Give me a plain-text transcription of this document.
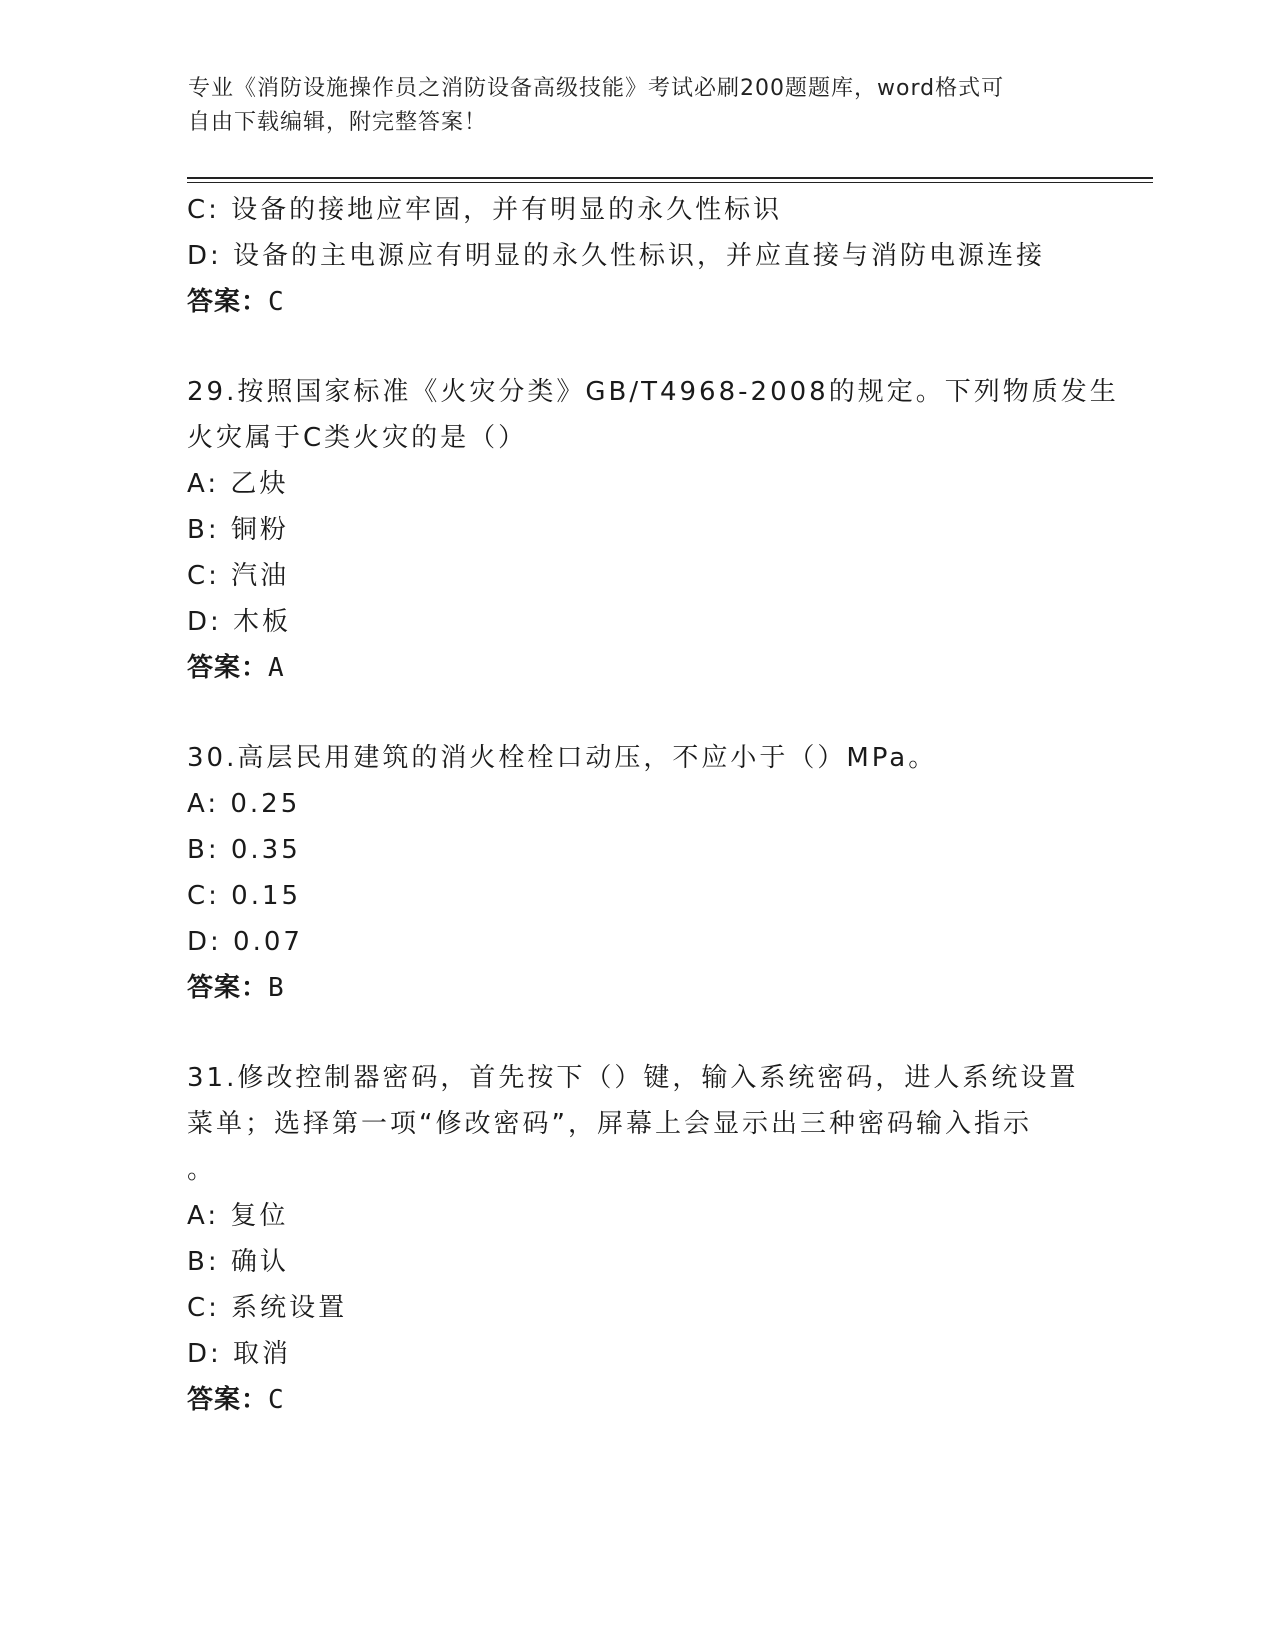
专业《消防设施操作员之消防设备高级技能》考试必刷200题题库，word格式可

自由下载编辑，附完整答案！

C: 设备的接地应牢固，并有明显的永久性标识
D: 设备的主电源应有明显的永久性标识，并应直接与消防电源连接
答案：C
29.按照国家标准《火灾分类》GB/T4968-2008的规定。下列物质发生
火灾属于C类火灾的是（）
A: 乙炔
B: 铜粉
C: 汽油
D: 木板
答案：A
30.高层民用建筑的消火栓栓口动压，不应小于（）MPa。
A: 0.25
B: 0.35
C: 0.15
D: 0.07
答案：B
31.修改控制器密码，首先按下（）键，输入系统密码，进人系统设置
菜单；选择第一项“修改密码”，屏幕上会显示出三种密码输入指示
。
A: 复位
B: 确认
C: 系统设置
D: 取消
答案：C
